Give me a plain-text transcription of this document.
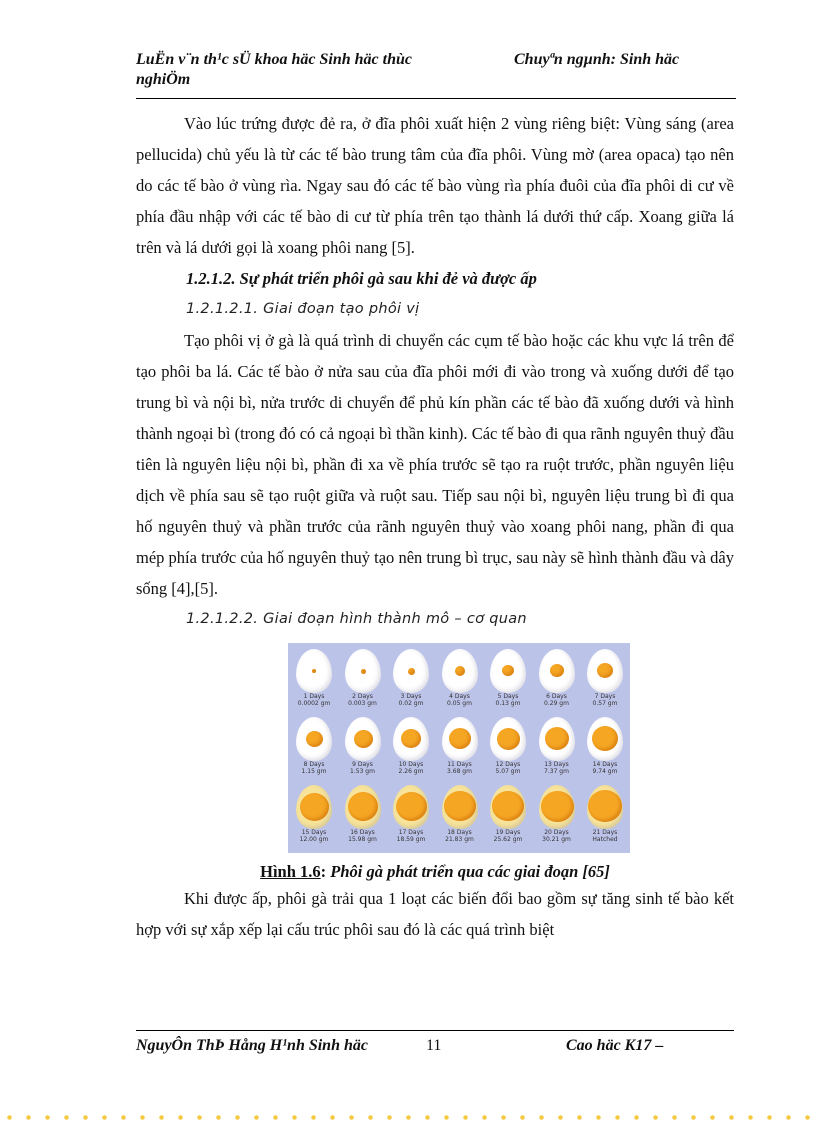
LuËn v¨n th¹c sÜ khoa häc Sinh häc thùc nghiÖm
Chuyªn ngµnh: Sinh häc

Vào lúc trứng được đẻ ra, ở đĩa phôi xuất hiện 2 vùng riêng biệt: Vùng sáng (area pellucida) chủ yếu là từ các tế bào trung tâm của đĩa phôi. Vùng mờ (area opaca) tạo nên do các tế bào ở vùng rìa. Ngay sau đó các tế bào vùng rìa phía đuôi của đĩa phôi di cư về phía đầu nhập với các tế bào di cư từ phía trên tạo thành lá dưới thứ cấp. Xoang giữa lá trên và lá dưới gọi là xoang phôi nang [5].

1.2.1.2. Sự phát triển phôi gà sau khi đẻ và được ấp
1.2.1.2.1. Giai đoạn tạo phôi vị

Tạo phôi vị ở gà là quá trình di chuyển các cụm tế bào hoặc các khu vực lá trên để tạo phôi ba lá. Các tế bào ở nửa sau của đĩa phôi mới đi vào trong và xuống dưới để tạo trung bì và nội bì, nửa trước di chuyển để phủ kín phần các tế bào đã xuống dưới và hình thành ngoại bì (trong đó có cả ngoại bì thần kinh). Các tế bào đi qua rãnh nguyên thuỷ đầu tiên là nguyên liệu nội bì, phần đi xa về phía trước sẽ tạo ra ruột trước, phần nguyên liệu dịch về phía sau sẽ tạo ruột giữa và ruột sau. Tiếp sau nội bì, nguyên liệu trung bì đi qua hố nguyên thuỷ và phần trước của rãnh nguyên thuỷ vào xoang phôi nang, phần đi qua mép phía trước của hố nguyên thuỷ tạo nên trung bì trục, sau này sẽ hình thành đầu và dây sống [4],[5].

1.2.1.2.2. Giai đoạn hình thành mô – cơ quan
1 Days
0.0002 gm
2 Days
0.003 gm
3 Days
0.02 gm
4 Days
0.05 gm
5 Days
0.13 gm
6 Days
0.29 gm
7 Days
0.57 gm
8 Days
1.15 gm
9 Days
1.53 gm
10 Days
2.26 gm
11 Days
3.68 gm
12 Days
5.07 gm
13 Days
7.37 gm
14 Days
9.74 gm
15 Days
12.00 gm
16 Days
15.98 gm
17 Days
18.59 gm
18 Days
21.83 gm
19 Days
25.62 gm
20 Days
30.21 gm
21 Days
Hatched
Hình 1.6: Phôi gà phát triển qua các giai đoạn [65]

Khi được ấp, phôi gà trải qua 1 loạt các biến đổi bao gồm sự tăng sinh tế bào kết hợp với sự xắp xếp lại cấu trúc phôi sau đó là các quá trình biệt

NguyÔn ThÞ Hång H¹nh Sinh häc	11	Cao häc K17 –
